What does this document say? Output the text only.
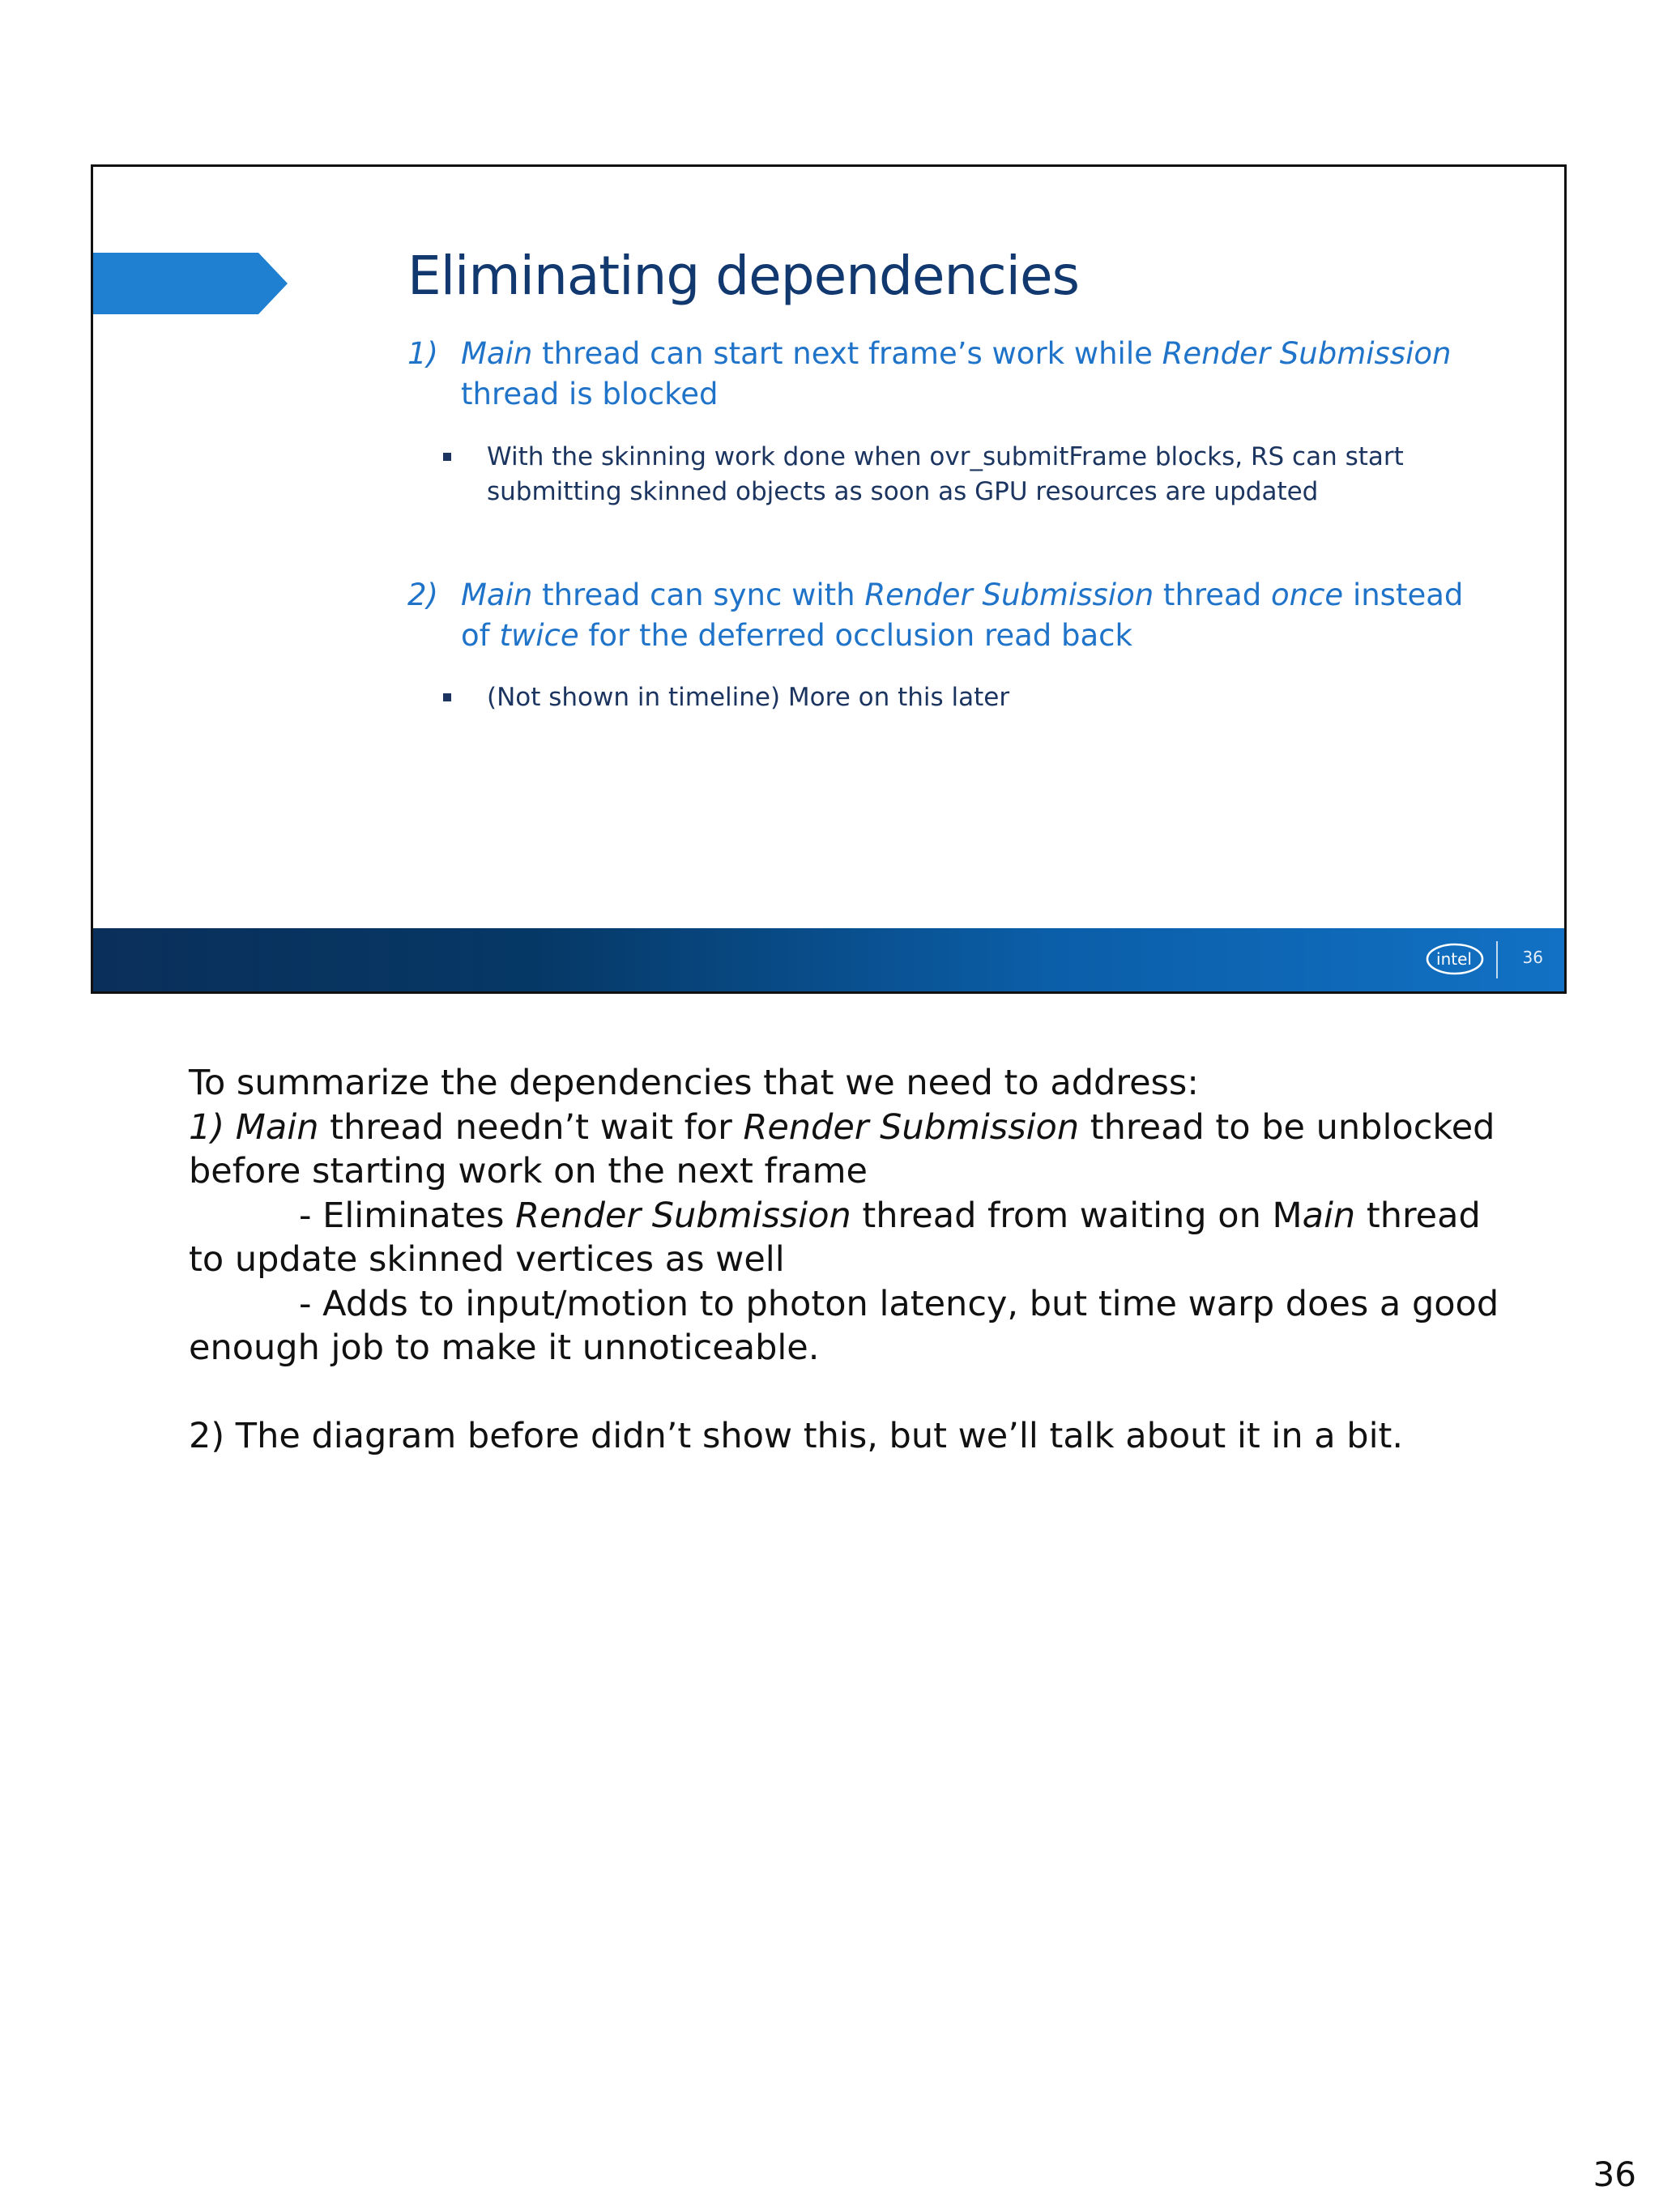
Eliminating dependencies
1) Main thread can start next frame’s work while Render Submission thread is blocked
With the skinning work done when ovr_submitFrame blocks, RS can start submitting skinned objects as soon as GPU resources are updated
2) Main thread can sync with Render Submission thread once instead of twice for the deferred occlusion read back
(Not shown in timeline) More on this later
intel	36

To summarize the dependencies that we need to address:

1) Main thread needn’t wait for Render Submission thread to be unblocked before starting work on the next frame

- Eliminates Render Submission thread from waiting on Main thread to update skinned vertices as well

- Adds to input/motion to photon latency, but time warp does a good enough job to make it unnoticeable.

2) The diagram before didn’t show this, but we’ll talk about it in a bit.

36
